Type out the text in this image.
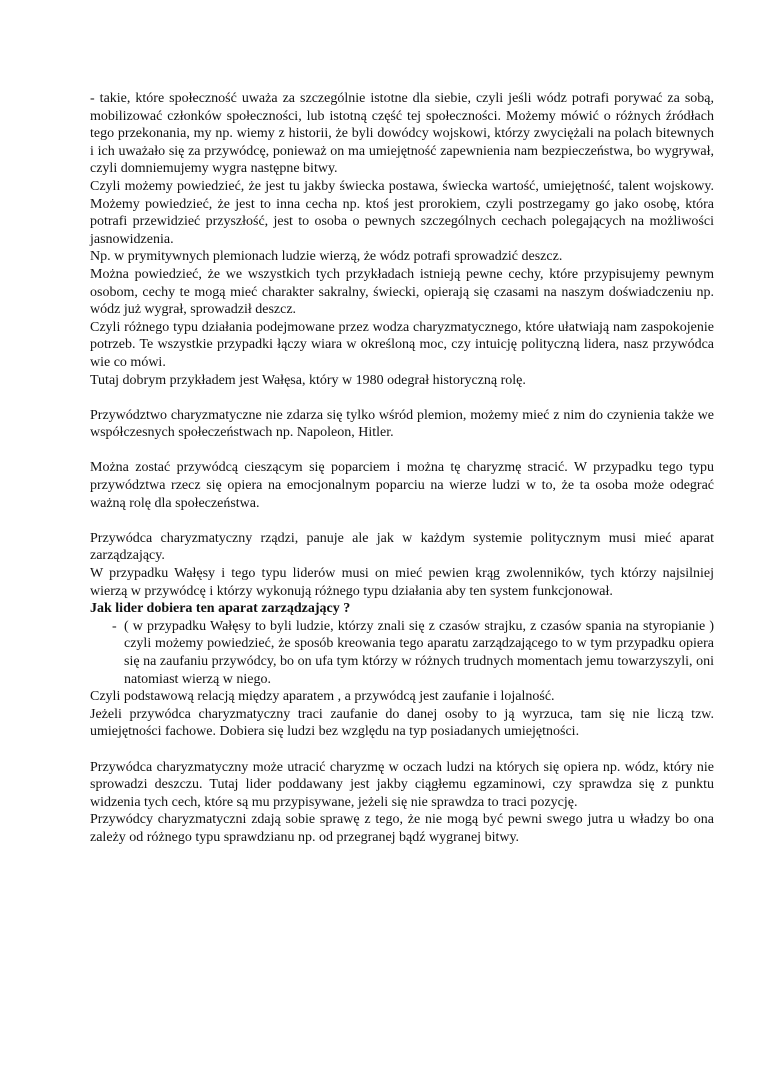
- takie, które społeczność uważa za szczególnie istotne dla siebie, czyli jeśli wódz potrafi porywać za sobą, mobilizować członków społeczności, lub istotną część tej społeczności. Możemy mówić o różnych źródłach tego przekonania, my np. wiemy z historii, że byli dowódcy wojskowi, którzy zwyciężali na polach bitewnych i ich uważało się za przywódcę, ponieważ on ma umiejętność zapewnienia nam bezpieczeństwa, bo wygrywał, czyli domniemujemy wygra następne bitwy.

Czyli możemy powiedzieć, że jest tu jakby świecka postawa, świecka wartość, umiejętność, talent wojskowy. Możemy powiedzieć, że jest to inna cecha np. ktoś jest prorokiem, czyli postrzegamy go jako osobę, która potrafi przewidzieć przyszłość, jest to osoba o pewnych szczególnych cechach polegających na możliwości jasnowidzenia.

Np. w prymitywnych plemionach ludzie wierzą, że wódz potrafi sprowadzić deszcz.

Można powiedzieć, że we wszystkich tych przykładach istnieją pewne cechy, które przypisujemy pewnym osobom, cechy te mogą mieć charakter sakralny, świecki, opierają się czasami na naszym doświadczeniu np. wódz już wygrał, sprowadził deszcz.

Czyli różnego typu działania podejmowane przez wodza charyzmatycznego, które ułatwiają nam zaspokojenie potrzeb. Te wszystkie przypadki łączy wiara w określoną moc, czy intuicję polityczną lidera, nasz przywódca wie co mówi.

Tutaj dobrym przykładem jest Wałęsa, który w 1980 odegrał historyczną rolę.

Przywództwo charyzmatyczne nie zdarza się tylko wśród plemion, możemy mieć z nim do czynienia także we współczesnych społeczeństwach np. Napoleon, Hitler.

Można zostać przywódcą cieszącym się poparciem i można tę charyzmę stracić. W przypadku tego typu przywództwa rzecz się opiera na emocjonalnym poparciu na wierze ludzi w to, że ta osoba może odegrać ważną rolę dla społeczeństwa.

Przywódca charyzmatyczny rządzi, panuje ale jak w każdym systemie politycznym musi mieć aparat zarządzający.

W przypadku Wałęsy i tego typu liderów musi on mieć pewien krąg zwolenników, tych którzy najsilniej wierzą w przywódcę i którzy wykonują różnego typu działania aby ten system funkcjonował.

Jak lider dobiera ten aparat zarządzający ?

- ( w przypadku Wałęsy to byli ludzie, którzy znali się z czasów strajku, z czasów spania na styropianie ) czyli możemy powiedzieć, że sposób kreowania tego aparatu zarządzającego to w tym przypadku opiera się na zaufaniu przywódcy, bo on ufa tym którzy w różnych trudnych momentach jemu towarzyszyli, oni natomiast wierzą w niego.

Czyli podstawową relacją między aparatem , a przywódcą jest zaufanie i lojalność.

Jeżeli przywódca charyzmatyczny traci zaufanie do danej osoby to ją wyrzuca, tam się nie liczą tzw. umiejętności fachowe. Dobiera się ludzi bez względu na typ posiadanych umiejętności.

Przywódca charyzmatyczny może utracić charyzmę w oczach ludzi na których się opiera np. wódz, który nie sprowadzi deszczu. Tutaj lider poddawany jest jakby ciągłemu egzaminowi, czy sprawdza się z punktu widzenia tych cech, które są mu przypisywane, jeżeli się nie sprawdza to traci pozycję.

Przywódcy charyzmatyczni zdają sobie sprawę z tego, że nie mogą być pewni swego jutra u władzy bo ona zależy od różnego typu sprawdzianu np. od przegranej bądź wygranej bitwy.
